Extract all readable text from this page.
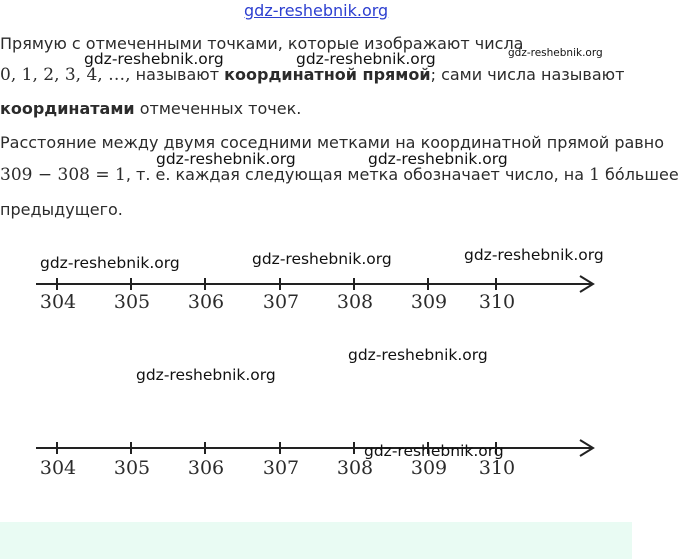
gdz-reshebnik.org
Прямую с отмеченными точками, которые изображают числа
0, 1, 2, 3, 4, …, называют координатной прямой; сами числа называют
координатами отмеченных точек.
Расстояние между двумя соседними метками на координатной прямой равно
309 − 308 = 1, т. е. каждая следующая метка обозначает число, на 1 бо́льшее
предыдущего.
304 305 306 307 308 309 310
304 305 306 307 308 309 310
gdz-reshebnik.org	gdz-reshebnik.org	gdz-reshebnik.org
gdz-reshebnik.org	gdz-reshebnik.org
gdz-reshebnik.org	gdz-reshebnik.org	gdz-reshebnik.org
gdz-reshebnik.org
gdz-reshebnik.org
gdz-reshebnik.org
